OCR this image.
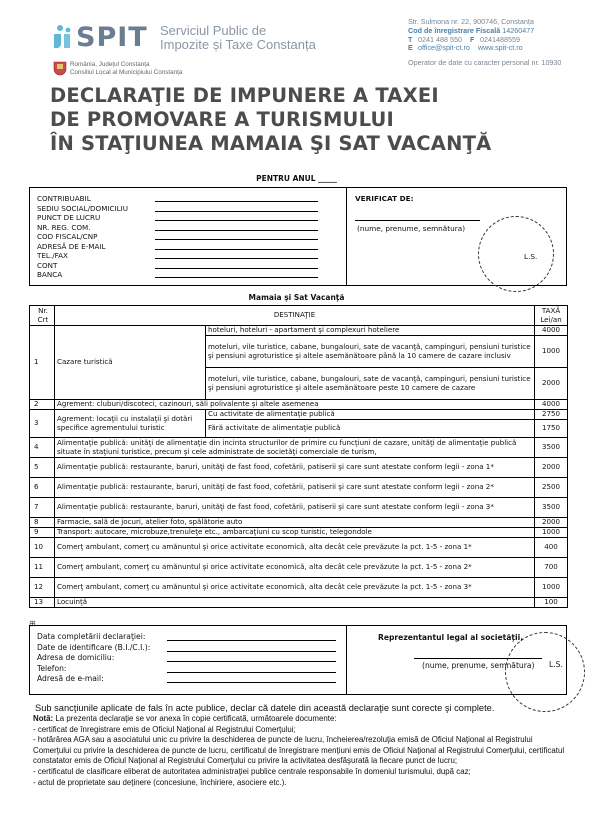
SPIT Serviciul Public de
Impozite și Taxe Constanța
România, Județul Constanța
Consiliul Local al Municipiului Constanța
Str. Sulmona nr. 22, 900746, Constanța
Cod de înregistrare Fiscală 14260477
T 0241 488 550 F 0241488559
E office@spit-ct.ro www.spit-ct.ro
Operator de date cu caracter personal nr. 10930
DECLARAŢIE DE IMPUNERE A TAXEI
DE PROMOVARE A TURISMULUI
ÎN STAŢIUNEA MAMAIA ŞI SAT VACANŢĂ
PENTRU ANUL _____
CONTRIBUABIL
SEDIU SOCIAL/DOMICILIU
PUNCT DE LUCRU
NR. REG. COM.
COD FISCAL/CNP
ADRESĂ DE E-MAIL
TEL./FAX
CONT
BANCA
VERIFICAT DE:
(nume, prenume, semnătura)
L.S.
Mamaia şi Sat Vacanţă
Nr. Crt	DESTINAŢIE		TAXĂ Lei/an
1	Cazare turistică	hoteluri, hoteluri - apartament şi complexuri hoteliere	4000
		moteluri, vile turistice, cabane, bungalouri, sate de vacanţă, campinguri, pensiuni turistice şi pensiuni agroturistice şi altele asemănătoare până la 10 camere de cazare inclusiv	1000
		moteluri, vile turistice, cabane, bungalouri, sate de vacanţă, campinguri, pensiuni turistice şi pensiuni agroturistice şi altele asemănătoare peste 10 camere de cazare	2000
2	Agrement: cluburi/discoteci, cazinouri, săli polivalente şi altele asemenea		4000
3	Agrement: locaţii cu instalaţii şi dotări specifice agrementului turistic	Cu activitate de alimentaţie publică	2750
		Fără activitate de alimentaţie publică	1750
4	Alimentaţie publică: unităţi de alimentaţie din incinta structurilor de primire cu funcţiuni de cazare, unităţi de alimentaţie publică situate în staţiuni turistice, precum şi cele administrate de societăţi comerciale de turism,		3500
5	Alimentaţie publică: restaurante, baruri, unităţi de fast food, cofetării, patiserii şi care sunt atestate conform legii - zona 1*		2000
6	Alimentaţie publică: restaurante, baruri, unităţi de fast food, cofetării, patiserii şi care sunt atestate conform legii - zona 2*		2500
7	Alimentaţie publică: restaurante, baruri, unităţi de fast food, cofetării, patiserii şi care sunt atestate conform legii - zona 3*		3500
8	Farmacie, sală de jocuri, atelier foto, spălătorie auto		2000
9	Transport: autocare, microbuze,trenuleţe etc., ambarcaţiuni cu scop turistic, telegondole		1000
10	Comerţ ambulant, comerţ cu amănuntul şi orice activitate economică, alta decât cele prevăzute la pct. 1-5 - zona 1*		400
11	Comerţ ambulant, comerţ cu amănuntul şi orice activitate economică, alta decât cele prevăzute la pct. 1-5 - zona 2*		700
12	Comerţ ambulant, comerţ cu amănuntul şi orice activitate economică, alta decât cele prevăzute la pct. 1-5 - zona 3*		1000
13	Locuinţă		100
⊞
Data completării declaraţiei:
Date de identificare (B.I./C.I.):
Adresa de domiciliu:
Telefon:
Adresă de e-mail:
Reprezentantul legal al societăţii,
(nume, prenume, semnătura) L.S.
Sub sancţiunile aplicate de fals în acte publice, declar că datele din această declaraţie sunt corecte şi complete.
Notă: La prezenta declaraţie se vor anexa în copie certificată, următoarele documente:
- certificat de înregistrare emis de Oficiul Naţional al Registrului Comerţului;
- hotărârea AGA sau a asociatului unic cu privire la deschiderea de puncte de lucru, încheierea/rezoluţia emisă de Oficiul Naţional al Registrului Comerţului cu privire la deschiderea de puncte de lucru, certificatul de înregistrare menţiuni emis de Oficiul Naţional al Registrului Comerţului, certificatul constatator emis de Oficiul Naţional al Registrului Comerţului cu privire la activitatea desfăşurată la fiecare punct de lucru;
- certificatul de clasificare eliberat de autoritatea administraţiei publice centrale responsabile în domeniul turismului, după caz;
- actul de proprietate sau deţinere (concesiune, închiriere, asociere etc.).
